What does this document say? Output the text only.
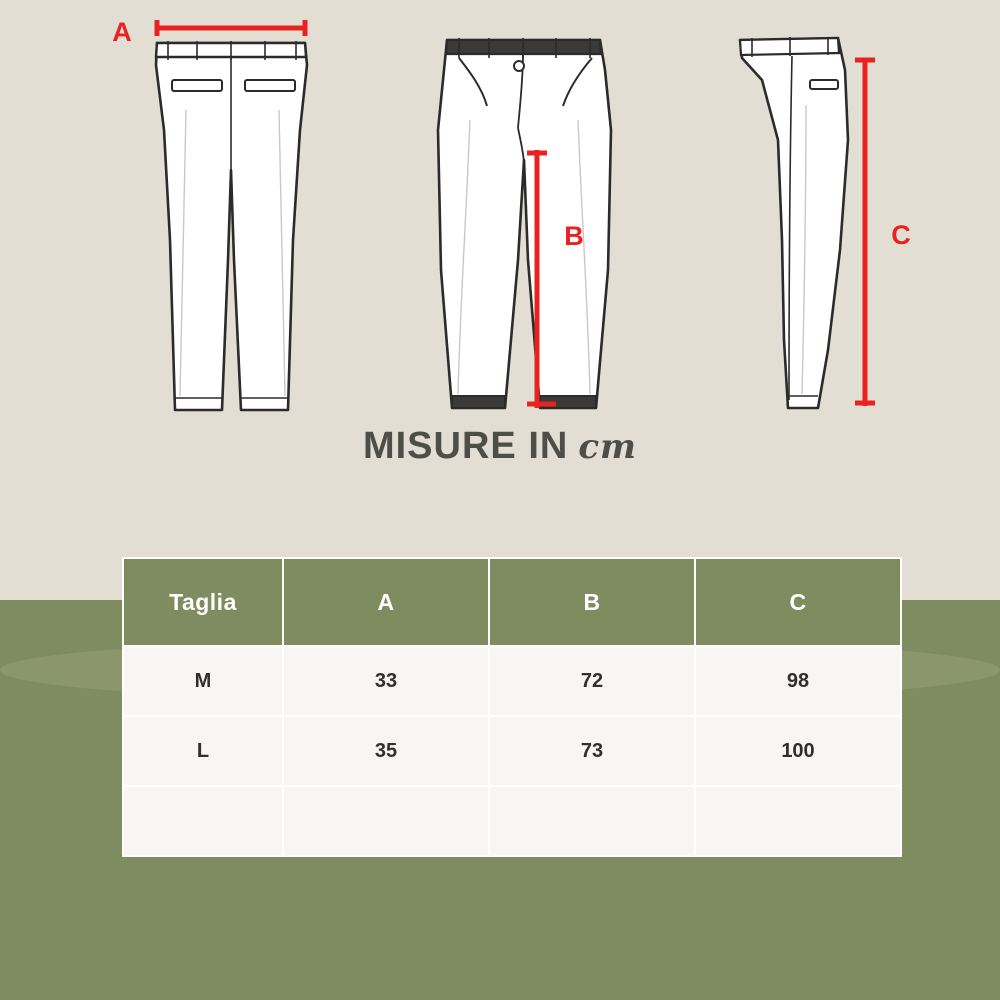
A
B	C
MISURE IN cm
Taglia	A	B	C
M	33	72	98
L	35	73	100
